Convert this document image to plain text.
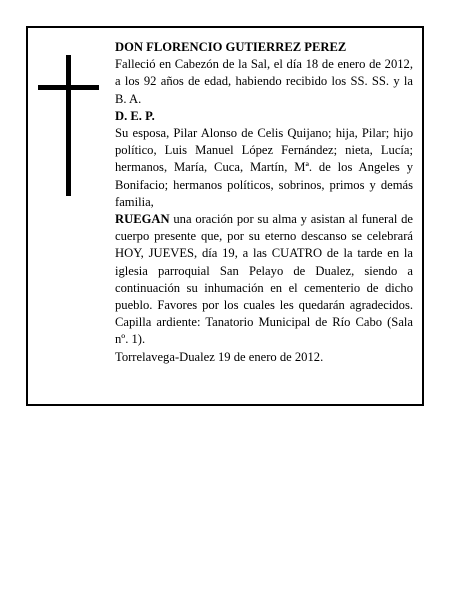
DON FLORENCIO GUTIERREZ PEREZ

Falleció en Cabezón de la Sal, el día 18 de enero de 2012, a los 92 años de edad, habiendo recibido los SS. SS. y la B. A.

D. E. P.

Su esposa, Pilar Alonso de Celis Quijano; hija, Pilar; hijo político, Luis Manuel López Fernández; nieta, Lucía; hermanos, María, Cuca, Martín, Mª. de los Angeles y Bonifacio; hermanos políticos, sobrinos, primos y demás familia,

RUEGAN una oración por su alma y asistan al funeral de cuerpo presente que, por su eterno descanso se celebrará HOY, JUEVES, día 19, a las CUATRO de la tarde en la iglesia parroquial San Pelayo de Dualez, siendo a continuación su inhumación en el cementerio de dicho pueblo. Favores por los cuales les quedarán agradecidos. Capilla ardiente: Tanatorio Municipal de Río Cabo (Sala nº. 1).

Torrelavega-Dualez 19 de enero de 2012.
